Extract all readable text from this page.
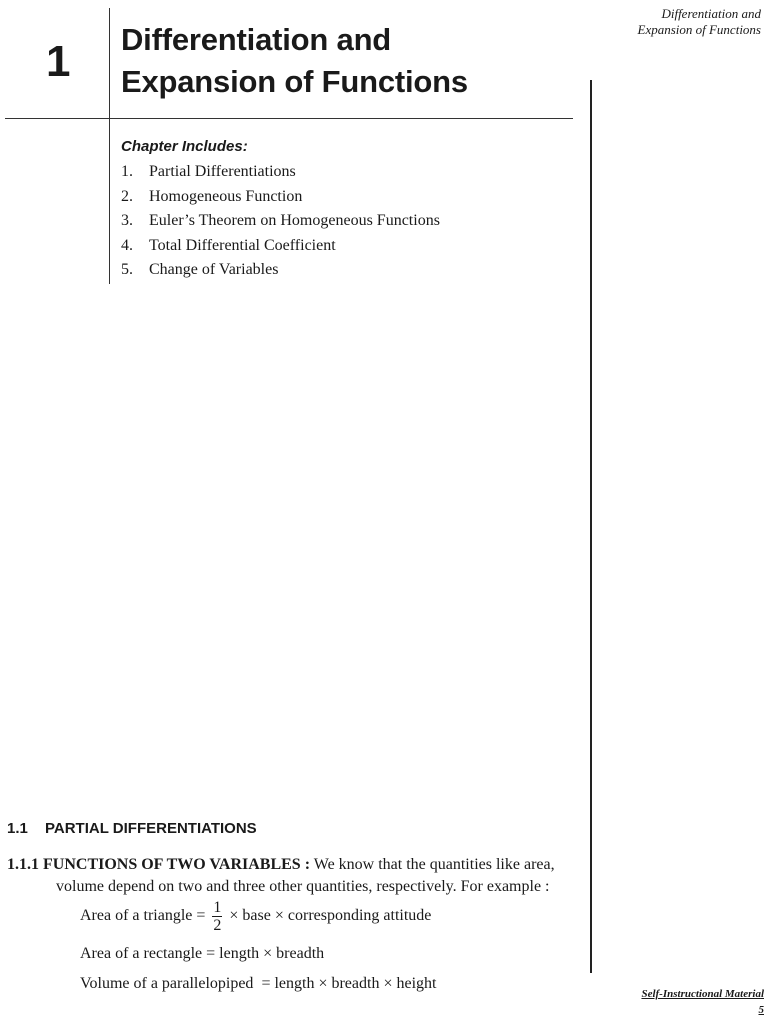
Differentiation and
Expansion of Functions
1 Differentiation and
Expansion of Functions
Chapter Includes:
1. Partial Differentiations
2. Homogeneous Function
3. Euler’s Theorem on Homogeneous Functions
4. Total Differential Coefficient
5. Change of Variables
1.1 PARTIAL DIFFERENTIATIONS
1.1.1 FUNCTIONS OF TWO VARIABLES : We know that the quantities like area,
volume depend on two and three other quantities, respectively. For example :
Area of a triangle = $\frac{1}{2}$ × base × corresponding attitude
Area of a rectangle = length × breadth
Volume of a parallelopiped = length × breadth × height
Self-Instructional Material
5
